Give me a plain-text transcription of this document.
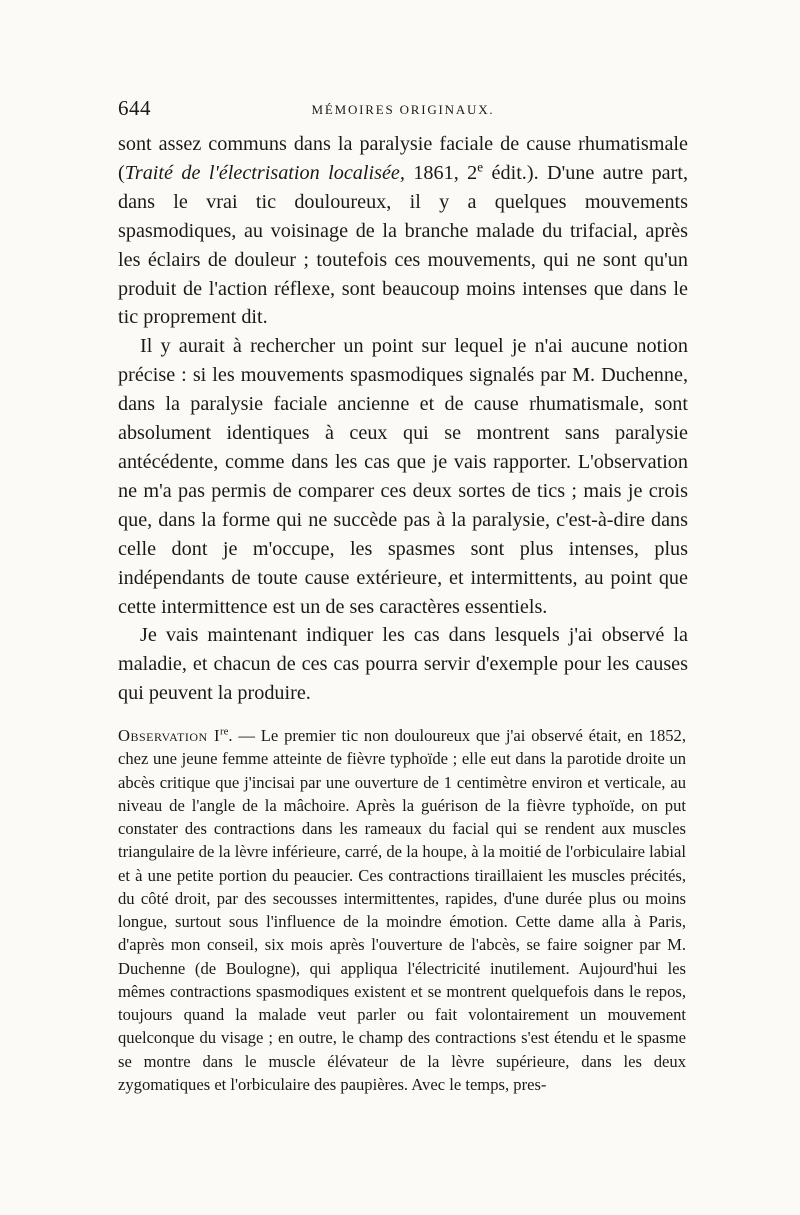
644	MÉMOIRES ORIGINAUX.

sont assez communs dans la paralysie faciale de cause rhumatismale (Traité de l'électrisation localisée, 1861, 2e édit.). D'une autre part, dans le vrai tic douloureux, il y a quelques mouvements spasmodiques, au voisinage de la branche malade du trifacial, après les éclairs de douleur ; toutefois ces mouvements, qui ne sont qu'un produit de l'action réflexe, sont beaucoup moins intenses que dans le tic proprement dit.

Il y aurait à rechercher un point sur lequel je n'ai aucune notion précise : si les mouvements spasmodiques signalés par M. Duchenne, dans la paralysie faciale ancienne et de cause rhumatismale, sont absolument identiques à ceux qui se montrent sans paralysie antécédente, comme dans les cas que je vais rapporter. L'observation ne m'a pas permis de comparer ces deux sortes de tics ; mais je crois que, dans la forme qui ne succède pas à la paralysie, c'est-à-dire dans celle dont je m'occupe, les spasmes sont plus intenses, plus indépendants de toute cause extérieure, et intermittents, au point que cette intermittence est un de ses caractères essentiels.

Je vais maintenant indiquer les cas dans lesquels j'ai observé la maladie, et chacun de ces cas pourra servir d'exemple pour les causes qui peuvent la produire.

Observation Ire. — Le premier tic non douloureux que j'ai observé était, en 1852, chez une jeune femme atteinte de fièvre typhoïde ; elle eut dans la parotide droite un abcès critique que j'incisai par une ouverture de 1 centimètre environ et verticale, au niveau de l'angle de la mâchoire. Après la guérison de la fièvre typhoïde, on put constater des contractions dans les rameaux du facial qui se rendent aux muscles triangulaire de la lèvre inférieure, carré, de la houpe, à la moitié de l'orbiculaire labial et à une petite portion du peaucier. Ces contractions tiraillaient les muscles précités, du côté droit, par des secousses intermittentes, rapides, d'une durée plus ou moins longue, surtout sous l'influence de la moindre émotion. Cette dame alla à Paris, d'après mon conseil, six mois après l'ouverture de l'abcès, se faire soigner par M. Duchenne (de Boulogne), qui appliqua l'électricité inutilement. Aujourd'hui les mêmes contractions spasmodiques existent et se montrent quelquefois dans le repos, toujours quand la malade veut parler ou fait volontairement un mouvement quelconque du visage ; en outre, le champ des contractions s'est étendu et le spasme se montre dans le muscle élévateur de la lèvre supérieure, dans les deux zygomatiques et l'orbiculaire des paupières. Avec le temps, pres-
